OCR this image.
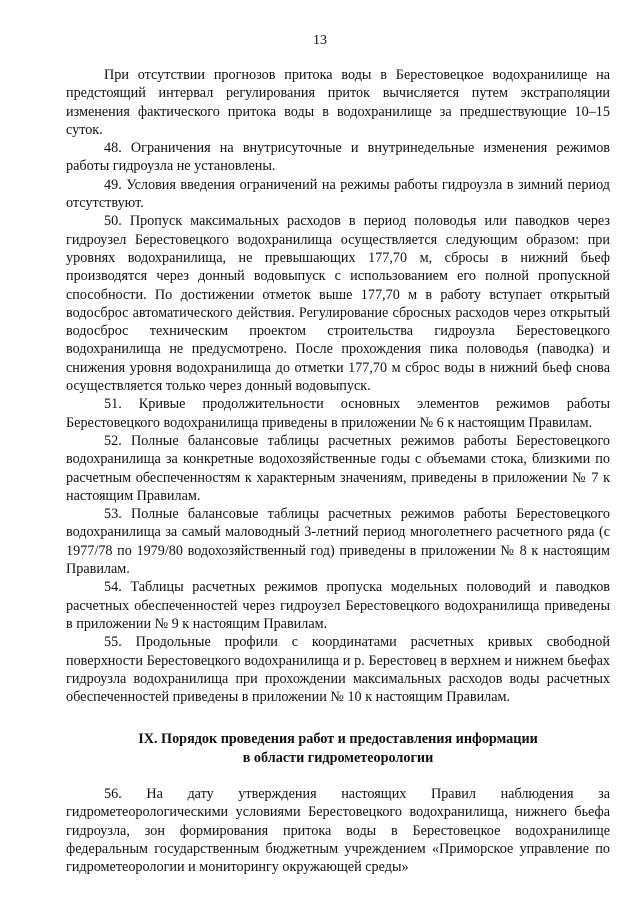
13

При отсутствии прогнозов притока воды в Берестовецкое водохранилище на предстоящий интервал регулирования приток вычисляется путем экстраполяции изменения фактического притока воды в водохранилище за предшествующие 10–15 суток.

48. Ограничения на внутрисуточные и внутринедельные изменения режимов работы гидроузла не установлены.

49. Условия введения ограничений на режимы работы гидроузла в зимний период отсутствуют.

50. Пропуск максимальных расходов в период половодья или паводков через гидроузел Берестовецкого водохранилища осуществляется следующим образом: при уровнях водохранилища, не превышающих 177,70 м, сбросы в нижний бьеф производятся через донный водовыпуск с использованием его полной пропускной способности. По достижении отметок выше 177,70 м в работу вступает открытый водосброс автоматического действия. Регулирование сбросных расходов через открытый водосброс техническим проектом строительства гидроузла Берестовецкого водохранилища не предусмотрено. После прохождения пика половодья (паводка) и снижения уровня водохранилища до отметки 177,70 м сброс воды в нижний бьеф снова осуществляется только через донный водовыпуск.

51. Кривые продолжительности основных элементов режимов работы Берестовецкого водохранилища приведены в приложении № 6 к настоящим Правилам.

52. Полные балансовые таблицы расчетных режимов работы Берестовецкого водохранилища за конкретные водохозяйственные годы с объемами стока, близкими по расчетным обеспеченностям к характерным значениям, приведены в приложении № 7 к настоящим Правилам.

53. Полные балансовые таблицы расчетных режимов работы Берестовецкого водохранилища за самый маловодный 3-летний период многолетнего расчетного ряда (с 1977/78 по 1979/80 водохозяйственный год) приведены в приложении № 8 к настоящим Правилам.

54. Таблицы расчетных режимов пропуска модельных половодий и паводков расчетных обеспеченностей через гидроузел Берестовецкого водохранилища приведены в приложении № 9 к настоящим Правилам.

55. Продольные профили с координатами расчетных кривых свободной поверхности Берестовецкого водохранилища и р. Берестовец в верхнем и нижнем бьефах гидроузла водохранилища при прохождении максимальных расходов воды расчетных обеспеченностей приведены в приложении № 10 к настоящим Правилам.

IX. Порядок проведения работ и предоставления информации
в области гидрометеорологии

56. На дату утверждения настоящих Правил наблюдения за гидрометеорологическими условиями Берестовецкого водохранилища, нижнего бьефа гидроузла, зон формирования притока воды в Берестовецкое водохранилище федеральным государственным бюджетным учреждением «Приморское управление по гидрометеорологии и мониторингу окружающей среды»
